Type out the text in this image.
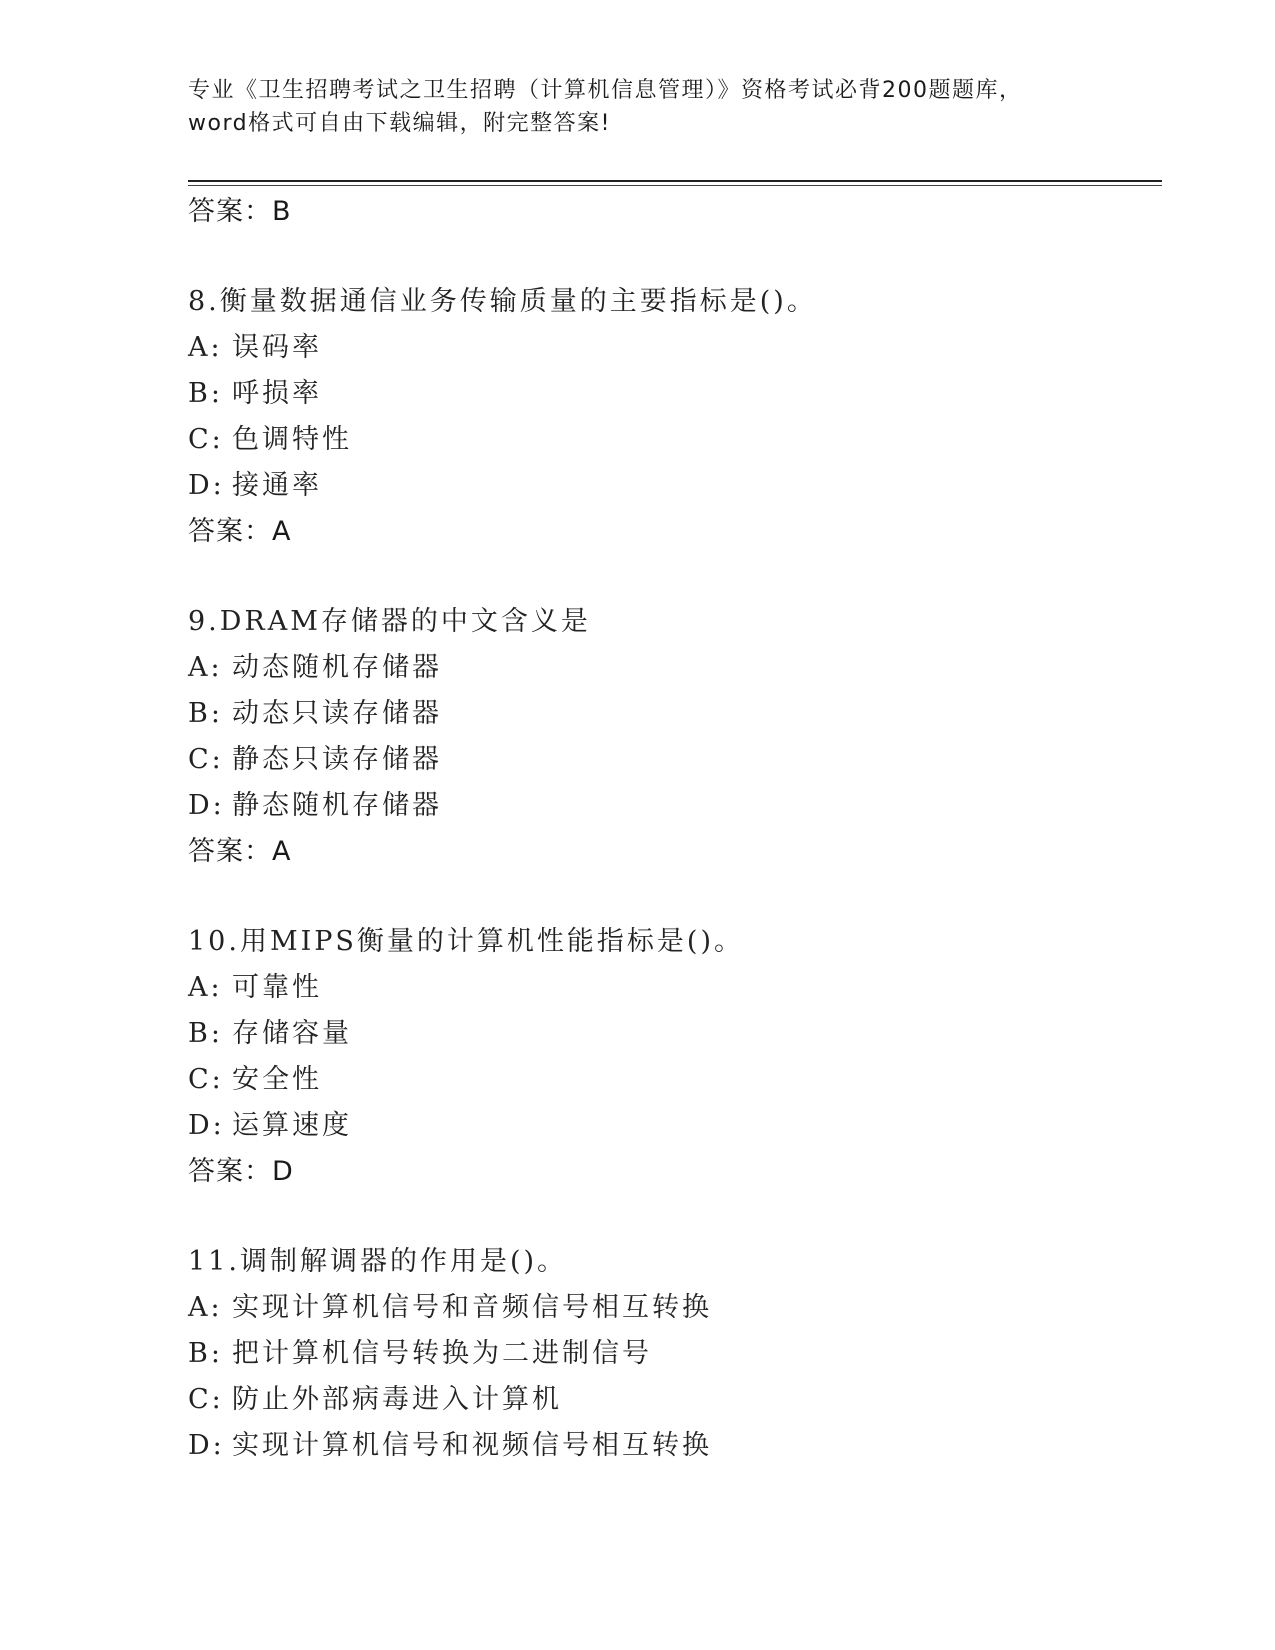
专业《卫生招聘考试之卫生招聘（计算机信息管理）》资格考试必背200题题库，
word格式可自由下载编辑，附完整答案!
答案：B
8.衡量数据通信业务传输质量的主要指标是()。
A: 误码率
B: 呼损率
C: 色调特性
D: 接通率
答案：A
9.DRAM存储器的中文含义是
A: 动态随机存储器
B: 动态只读存储器
C: 静态只读存储器
D: 静态随机存储器
答案：A
10.用MIPS衡量的计算机性能指标是()。
A: 可靠性
B: 存储容量
C: 安全性
D: 运算速度
答案：D
11.调制解调器的作用是()。
A: 实现计算机信号和音频信号相互转换
B: 把计算机信号转换为二进制信号
C: 防止外部病毒进入计算机
D: 实现计算机信号和视频信号相互转换
